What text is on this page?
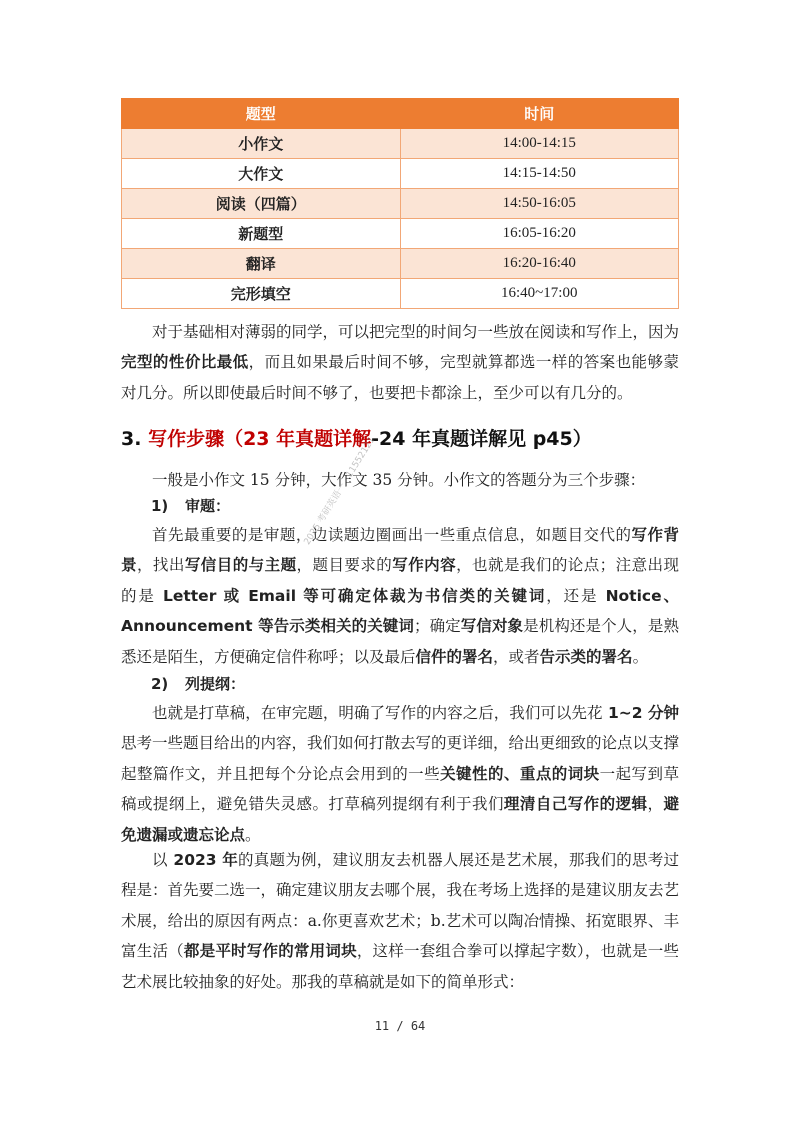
题型	时间
小作文	14:00-14:15
大作文	14:15-14:50
阅读（四篇）	14:50-16:05
新题型	16:05-16:20
翻译	16:20-16:40
完形填空	16:40~17:00

对于基础相对薄弱的同学，可以把完型的时间匀一些放在阅读和写作上，因为完型的性价比最低，而且如果最后时间不够，完型就算都选一样的答案也能够蒙对几分。所以即使最后时间不够了，也要把卡都涂上，至少可以有几分的。

3. 写作步骤（23 年真题详解-24 年真题详解见 p45）

一般是小作文 15 分钟，大作文 35 分钟。小作文的答题分为三个步骤：

1) 审题：

首先最重要的是审题，边读题边圈画出一些重点信息，如题目交代的写作背景，找出写信目的与主题，题目要求的写作内容，也就是我们的论点；注意出现的是 Letter 或 Email 等可确定体裁为书信类的关键词，还是 Notice、Announcement 等告示类相关的关键词；确定写信对象是机构还是个人，是熟悉还是陌生，方便确定信件称呼；以及最后信件的署名，或者告示类的署名。

2) 列提纲：

也就是打草稿，在审完题，明确了写作的内容之后，我们可以先花 1~2 分钟思考一些题目给出的内容，我们如何打散去写的更详细，给出更细致的论点以支撑起整篇作文，并且把每个分论点会用到的一些关键性的、重点的词块一起写到草稿或提纲上，避免错失灵感。打草稿列提纲有利于我们理清自己写作的逻辑，避免遗漏或遗忘论点。

以 2023 年的真题为例，建议朋友去机器人展还是艺术展，那我们的思考过程是：首先要二选一，确定建议朋友去哪个展，我在考场上选择的是建议朋友去艺术展，给出的原因有两点：a.你更喜欢艺术；b.艺术可以陶冶情操、拓宽眼界、丰富生活（都是平时写作的常用词块，这样一套组合拳可以撑起字数），也就是一些艺术展比较抽象的好处。那我的草稿就是如下的简单形式：

2025 考研英语一 · 11552121
11 / 64
